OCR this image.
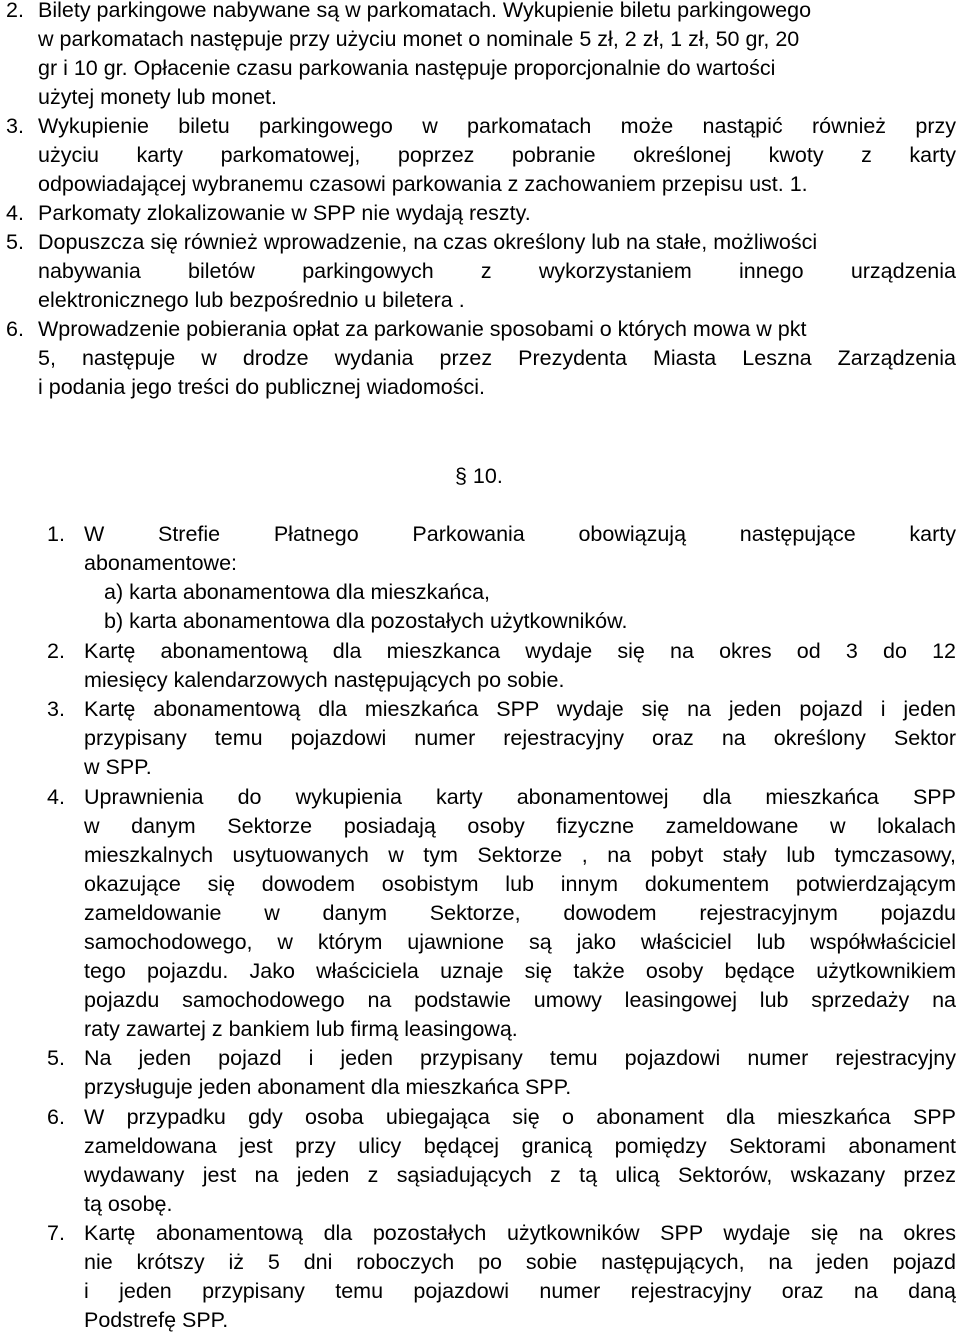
2. Bilety parkingowe nabywane są w parkomatach. Wykupienie biletu parkingowego
w parkomatach następuje przy użyciu monet o nominale 5 zł, 2 zł, 1 zł, 50 gr, 20
gr i 10 gr. Opłacenie czasu parkowania następuje proporcjonalnie do wartości
użytej monety lub monet.
3. Wykupienie biletu parkingowego w parkomatach może nastąpić również przy
użyciu karty parkomatowej, poprzez pobranie określonej kwoty z karty
odpowiadającej wybranemu czasowi parkowania z zachowaniem przepisu ust. 1.
4. Parkomaty zlokalizowanie w SPP nie wydają reszty.
5. Dopuszcza się również wprowadzenie, na czas określony lub na stałe, możliwości
nabywania biletów parkingowych z wykorzystaniem innego urządzenia
elektronicznego lub bezpośrednio u biletera .
6. Wprowadzenie pobierania opłat za parkowanie sposobami o których mowa w pkt
5, następuje w drodze wydania przez Prezydenta Miasta Leszna Zarządzenia
i podania jego treści do publicznej wiadomości.
§ 10.
1. W Strefie Płatnego Parkowania obowiązują następujące karty
abonamentowe:
a) karta abonamentowa dla mieszkańca,
b) karta abonamentowa dla pozostałych użytkowników.
2. Kartę abonamentową dla mieszkanca wydaje się na okres od 3 do 12
miesięcy kalendarzowych następujących po sobie.
3. Kartę abonamentową dla mieszkańca SPP wydaje się na jeden pojazd i jeden
przypisany temu pojazdowi numer rejestracyjny oraz na określony Sektor
w SPP.
4. Uprawnienia do wykupienia karty abonamentowej dla mieszkańca SPP
w danym Sektorze posiadają osoby fizyczne zameldowane w lokalach
mieszkalnych usytuowanych w tym Sektorze , na pobyt stały lub tymczasowy,
okazujące się dowodem osobistym lub innym dokumentem potwierdzającym
zameldowanie w danym Sektorze, dowodem rejestracyjnym pojazdu
samochodowego, w którym ujawnione są jako właściciel lub współwłaściciel
tego pojazdu. Jako właściciela uznaje się także osoby będące użytkownikiem
pojazdu samochodowego na podstawie umowy leasingowej lub sprzedaży na
raty zawartej z bankiem lub firmą leasingową.
5. Na jeden pojazd i jeden przypisany temu pojazdowi numer rejestracyjny
przysługuje jeden abonament dla mieszkańca SPP.
6. W przypadku gdy osoba ubiegająca się o abonament dla mieszkańca SPP
zameldowana jest przy ulicy będącej granicą pomiędzy Sektorami abonament
wydawany jest na jeden z sąsiadujących z tą ulicą Sektorów, wskazany przez
tą osobę.
7. Kartę abonamentową dla pozostałych użytkowników SPP wydaje się na okres
nie krótszy iż 5 dni roboczych po sobie następujących, na jeden pojazd
i jeden przypisany temu pojazdowi numer rejestracyjny oraz na daną
Podstrefę SPP.
